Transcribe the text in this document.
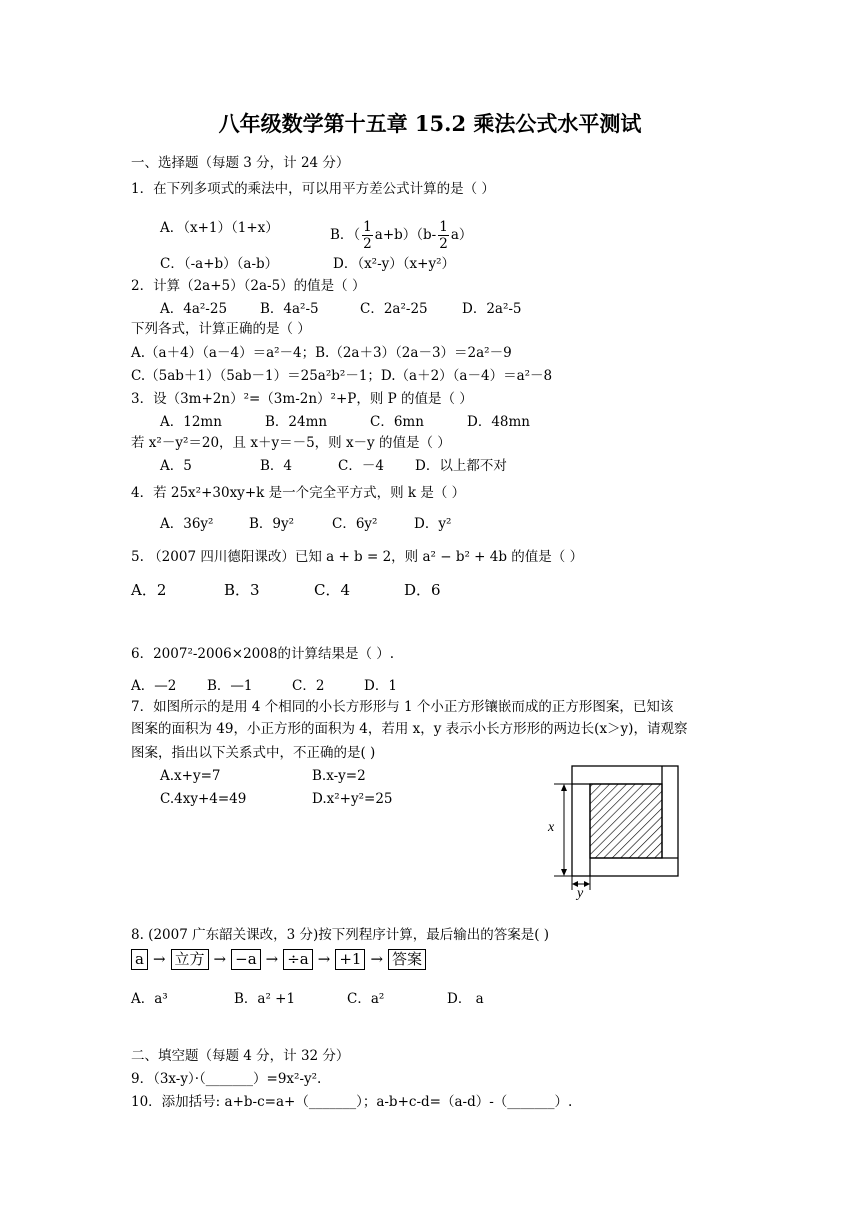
八年级数学第十五章 15.2 乘法公式水平测试
一、选择题（每题 3 分，计 24 分）
1．在下列多项式的乘法中，可以用平方差公式计算的是（ ）
A．（x+1）（1+x）	B．（ $\frac{1}{2} a+b)(b- \frac{1}{2} a)$
C．（-a+b）（a-b）	D．（x²-y）（x+y²）
2．计算（2a+5）（2a-5）的值是（ ）
A．4a²-25 B．4a²-5	C．2a²-25	D．2a²-5
下列各式，计算正确的是（ ）
A.（a＋4）（a－4）＝a²－4；B.（2a＋3）（2a－3）＝2a²－9
C.（5ab＋1）（5ab－1）＝25a²b²－1；D.（a＋2）（a－4）＝a²－8
3．设（3m+2n）²=（3m-2n）²+P，则 P 的值是（ ）
A．12mn	B．24mn	C．6mn	D．48mn
若 x²－y²＝20，且 x＋y＝－5，则 x－y 的值是（ ）
A．5	B．4	C．－4 D．以上都不对
4．若 25x²+30xy+k 是一个完全平方式，则 k 是（ ）
A．36y²	B．9y²	C．6y²	D．y²
5. （2007 四川德阳课改）已知 a + b = 2，则 a² − b² + 4b 的值是（ ）
A．2	B．3	C．4	D．6
6．2007²-2006×2008的计算结果是（ ）.
A．—2 B．—1	C．2	D．1
7．如图所示的是用 4 个相同的小长方形形与 1 个小正方形镶嵌而成的正方形图案，已知该
图案的面积为 49，小正方形的面积为 4，若用 x，y 表示小长方形形的两边长(x＞y)，请观察
图案，指出以下关系式中，不正确的是( )
A.x+y=7	B.x-y=2
C.4xy+4=49	D.x²+y²=25
x
y
8. (2007 广东韶关课改，3 分)按下列程序计算，最后输出的答案是( )
a → 立方 → −a → ÷a → +1 → 答案
A．a³	B．a² +1	C．a²	D． a
二、填空题（每题 4 分，计 32 分）
9．（3x-y）·（_______）=9x²-y².
10．添加括号: a+b-c=a+（_______）；a-b+c-d=（a-d）-（_______）.
